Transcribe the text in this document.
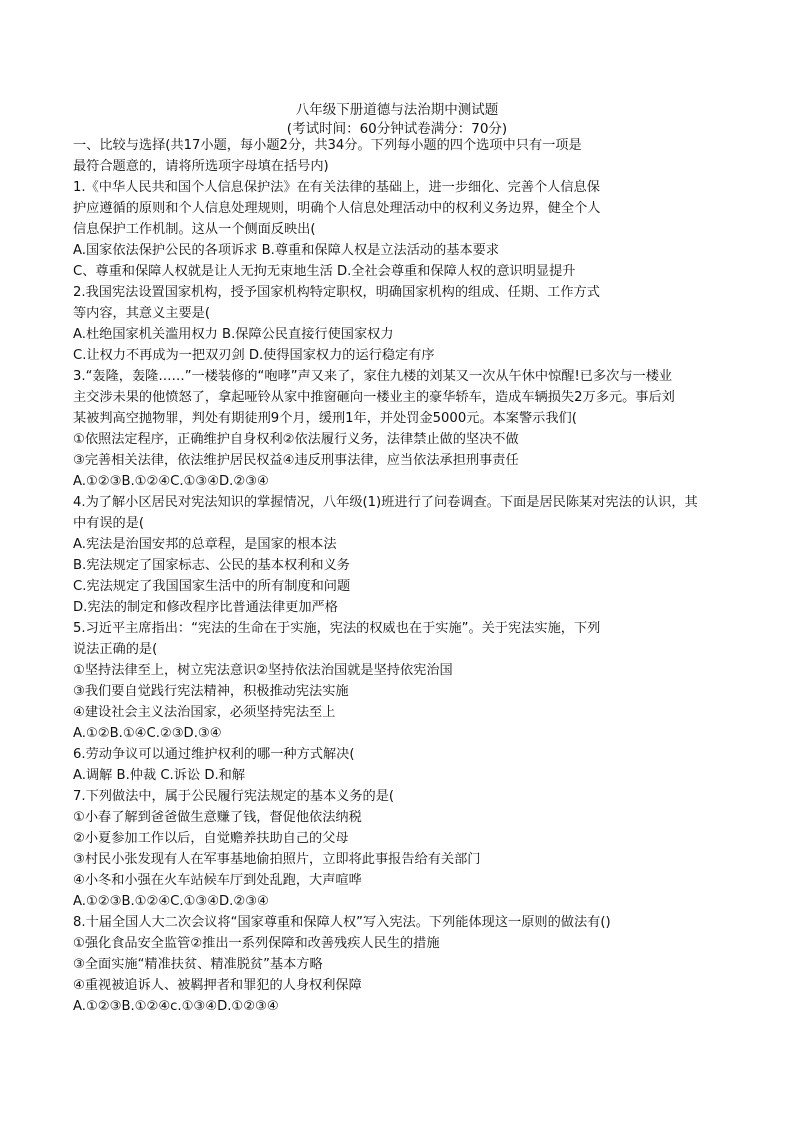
八年级下册道德与法治期中测试题
(考试时间：60分钟试卷满分：70分)
一、比较与选择(共17小题，每小题2分，共34分。下列每小题的四个选项中只有一项是
最符合题意的，请将所选项字母填在括号内)
1.《中华人民共和国个人信息保护法》在有关法律的基础上，进一步细化、完善个人信息保
护应遵循的原则和个人信息处理规则，明确个人信息处理活动中的权利义务边界，健全个人
信息保护工作机制。这从一个侧面反映出(
A.国家依法保护公民的各项诉求 B.尊重和保障人权是立法活动的基本要求
C、尊重和保障人权就是让人无拘无束地生活 D.全社会尊重和保障人权的意识明显提升
2.我国宪法设置国家机构，授予国家机构特定职权，明确国家机构的组成、任期、工作方式
等内容，其意义主要是(
A.杜绝国家机关滥用权力 B.保障公民直接行使国家权力
C.让权力不再成为一把双刃剑 D.使得国家权力的运行稳定有序
3.“轰隆，轰隆……”一楼装修的“咆哮”声又来了，家住九楼的刘某又一次从午休中惊醒!已多次与一楼业
主交涉未果的他愤怒了，拿起哑铃从家中推窗砸向一楼业主的豪华轿车，造成车辆损失2万多元。事后刘
某被判高空抛物罪，判处有期徒刑9个月，缓刑1年，并处罚金5000元。本案警示我们(
①依照法定程序，正确维护自身权利②依法履行义务，法律禁止做的坚决不做
③完善相关法律，依法维护居民权益④违反刑事法律，应当依法承担刑事责任
A.①②③B.①②④C.①③④D.②③④
4.为了解小区居民对宪法知识的掌握情况，八年级(1)班进行了问卷调查。下面是居民陈某对宪法的认识，其
中有误的是(
A.宪法是治国安邦的总章程，是国家的根本法
B.宪法规定了国家标志、公民的基本权利和义务
C.宪法规定了我国国家生活中的所有制度和问题
D.宪法的制定和修改程序比普通法律更加严格
5.习近平主席指出：“宪法的生命在于实施，宪法的权威也在于实施”。关于宪法实施，下列
说法正确的是(
①坚持法律至上，树立宪法意识②坚持依法治国就是坚持依宪治国
③我们要自觉践行宪法精神，积极推动宪法实施
④建设社会主义法治国家，必须坚持宪法至上
A.①②B.①④C.②③D.③④
6.劳动争议可以通过维护权利的哪一种方式解决(
A.调解 B.仲裁 C.诉讼 D.和解
7.下列做法中，属于公民履行宪法规定的基本义务的是(
①小春了解到爸爸做生意赚了钱，督促他依法纳税
②小夏参加工作以后，自觉赡养扶助自己的父母
③村民小张发现有人在军事基地偷拍照片，立即将此事报告给有关部门
④小冬和小强在火车站候车厅到处乱跑，大声喧哗
A.①②③B.①②④C.①③④D.②③④
8.十届全国人大二次会议将“国家尊重和保障人权”写入宪法。下列能体现这一原则的做法有()
①强化食品安全监管②推出一系列保障和改善残疾人民生的措施
③全面实施“精准扶贫、精准脱贫”基本方略
④重视被追诉人、被羁押者和罪犯的人身权利保障
A.①②③B.①②④c.①③④D.①②③④
